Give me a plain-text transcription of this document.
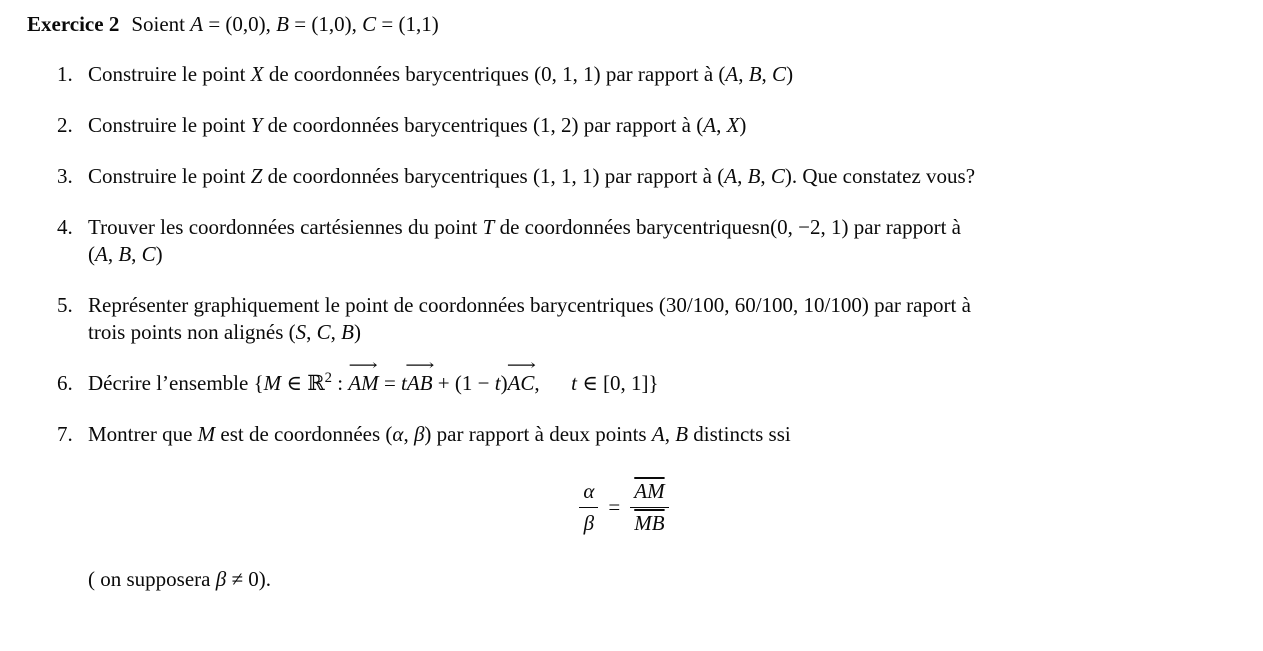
Exercice 2 Soient A = (0,0), B = (1,0), C = (1,1)
1. Construire le point X de coordonnées barycentriques (0, 1, 1) par rapport à (A, B, C)
2. Construire le point Y de coordonnées barycentriques (1, 2) par rapport à (A, X)
3. Construire le point Z de coordonnées barycentriques (1, 1, 1) par rapport à (A, B, C). Que constatez vous?
4. Trouver les coordonnées cartésiennes du point T de coordonnées barycentriquesn(0, −2, 1) par rapport à
(A, B, C)
5. Représenter graphiquement le point de coordonnées barycentriques (30/100, 60/100, 10/100) par raport à
trois points non alignés (S, C, B)
6. Décrire l’ensemble {M ∈ ℝ$^2$ : AM ⟶ = tAB ⟶ + (1 − t)AC ⟶,  t ∈ [0, 1]}
7. Montrer que M est de coordonnées (α, β) par rapport à deux points A, B distincts ssi
$\frac{\alpha}{\beta} = \frac{\overline{AM}}{MB}$
( on supposera β ≠ 0).
